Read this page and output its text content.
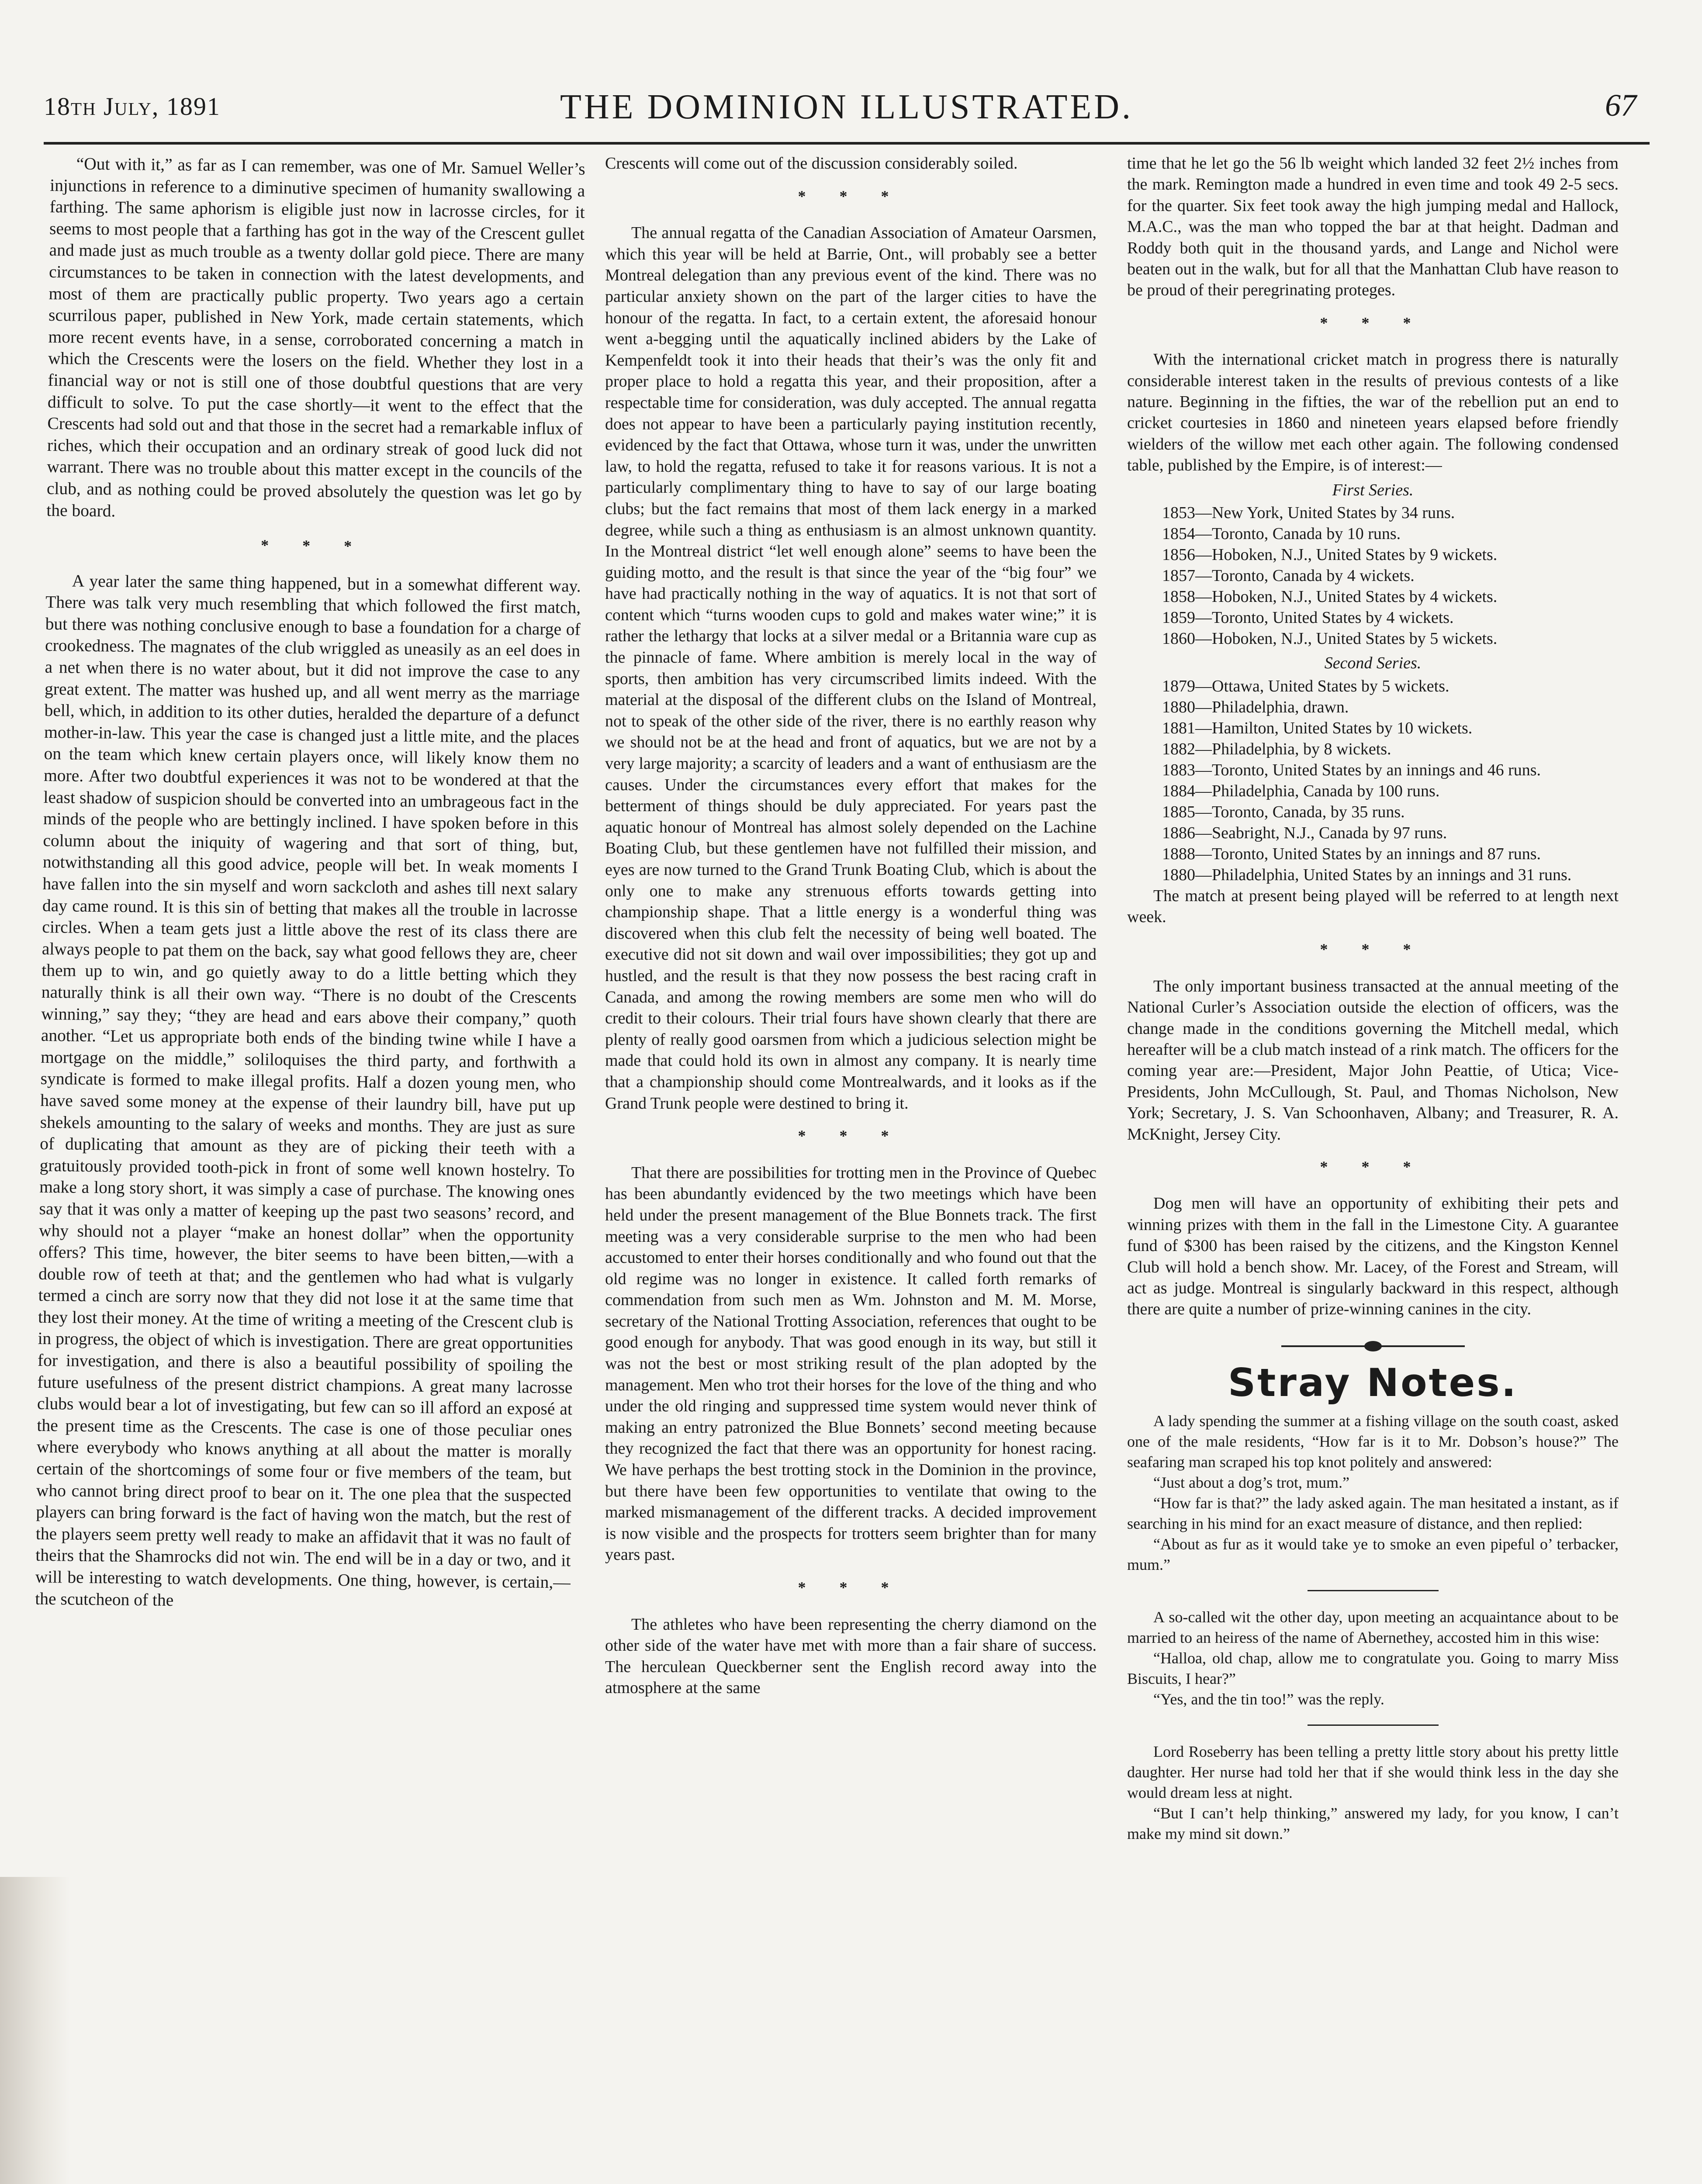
18th July, 1891	THE DOMINION ILLUSTRATED.	67

“Out with it,” as far as I can remember, was one of Mr. Samuel Weller’s injunctions in reference to a diminutive specimen of humanity swallowing a farthing. The same aphorism is eligible just now in lacrosse circles, for it seems to most people that a farthing has got in the way of the Crescent gullet and made just as much trouble as a twenty dollar gold piece. There are many circumstances to be taken in connection with the latest developments, and most of them are practically public property. Two years ago a certain scurrilous paper, published in New York, made certain statements, which more recent events have, in a sense, corroborated concerning a match in which the Crescents were the losers on the field. Whether they lost in a financial way or not is still one of those doubtful questions that are very difficult to solve. To put the case shortly—it went to the effect that the Crescents had sold out and that those in the secret had a remarkable influx of riches, which their occupation and an ordinary streak of good luck did not warrant. There was no trouble about this matter except in the councils of the club, and as nothing could be proved absolutely the question was let go by the board.

* * *

A year later the same thing happened, but in a somewhat different way. There was talk very much resembling that which followed the first match, but there was nothing conclusive enough to base a foundation for a charge of crookedness. The magnates of the club wriggled as uneasily as an eel does in a net when there is no water about, but it did not improve the case to any great extent. The matter was hushed up, and all went merry as the marriage bell, which, in addition to its other duties, heralded the departure of a defunct mother-in-law. This year the case is changed just a little mite, and the places on the team which knew certain players once, will likely know them no more. After two doubtful experiences it was not to be wondered at that the least shadow of suspicion should be converted into an umbrageous fact in the minds of the people who are bettingly inclined. I have spoken before in this column about the iniquity of wagering and that sort of thing, but, notwithstanding all this good advice, people will bet. In weak moments I have fallen into the sin myself and worn sackcloth and ashes till next salary day came round. It is this sin of betting that makes all the trouble in lacrosse circles. When a team gets just a little above the rest of its class there are always people to pat them on the back, say what good fellows they are, cheer them up to win, and go quietly away to do a little betting which they naturally think is all their own way. “There is no doubt of the Crescents winning,” say they; “they are head and ears above their company,” quoth another. “Let us appropriate both ends of the binding twine while I have a mortgage on the middle,” soliloquises the third party, and forthwith a syndicate is formed to make illegal profits. Half a dozen young men, who have saved some money at the expense of their laundry bill, have put up shekels amounting to the salary of weeks and months. They are just as sure of duplicating that amount as they are of picking their teeth with a gratuitously provided tooth-pick in front of some well known hostelry. To make a long story short, it was simply a case of purchase. The knowing ones say that it was only a matter of keeping up the past two seasons’ record, and why should not a player “make an honest dollar” when the opportunity offers? This time, however, the biter seems to have been bitten,—with a double row of teeth at that; and the gentlemen who had what is vulgarly termed a cinch are sorry now that they did not lose it at the same time that they lost their money. At the time of writing a meeting of the Crescent club is in progress, the object of which is investigation. There are great opportunities for investigation, and there is also a beautiful possibility of spoiling the future usefulness of the present district champions. A great many lacrosse clubs would bear a lot of investigating, but few can so ill afford an exposé at the present time as the Crescents. The case is one of those peculiar ones where everybody who knows anything at all about the matter is morally certain of the shortcomings of some four or five members of the team, but who cannot bring direct proof to bear on it. The one plea that the suspected players can bring forward is the fact of having won the match, but the rest of the players seem pretty well ready to make an affidavit that it was no fault of theirs that the Shamrocks did not win. The end will be in a day or two, and it will be interesting to watch developments. One thing, however, is certain,—the scutcheon of the

Crescents will come out of the discussion considerably soiled.

* * *

The annual regatta of the Canadian Association of Amateur Oarsmen, which this year will be held at Barrie, Ont., will probably see a better Montreal delegation than any previous event of the kind. There was no particular anxiety shown on the part of the larger cities to have the honour of the regatta. In fact, to a certain extent, the aforesaid honour went a-begging until the aquatically inclined abiders by the Lake of Kempenfeldt took it into their heads that their’s was the only fit and proper place to hold a regatta this year, and their proposition, after a respectable time for consideration, was duly accepted. The annual regatta does not appear to have been a particularly paying institution recently, evidenced by the fact that Ottawa, whose turn it was, under the unwritten law, to hold the regatta, refused to take it for reasons various. It is not a particularly complimentary thing to have to say of our large boating clubs; but the fact remains that most of them lack energy in a marked degree, while such a thing as enthusiasm is an almost unknown quantity. In the Montreal district “let well enough alone” seems to have been the guiding motto, and the result is that since the year of the “big four” we have had practically nothing in the way of aquatics. It is not that sort of content which “turns wooden cups to gold and makes water wine;” it is rather the lethargy that locks at a silver medal or a Britannia ware cup as the pinnacle of fame. Where ambition is merely local in the way of sports, then ambition has very circumscribed limits indeed. With the material at the disposal of the different clubs on the Island of Montreal, not to speak of the other side of the river, there is no earthly reason why we should not be at the head and front of aquatics, but we are not by a very large majority; a scarcity of leaders and a want of enthusiasm are the causes. Under the circumstances every effort that makes for the betterment of things should be duly appreciated. For years past the aquatic honour of Montreal has almost solely depended on the Lachine Boating Club, but these gentlemen have not fulfilled their mission, and eyes are now turned to the Grand Trunk Boating Club, which is about the only one to make any strenuous efforts towards getting into championship shape. That a little energy is a wonderful thing was discovered when this club felt the necessity of being well boated. The executive did not sit down and wail over impossibilities; they got up and hustled, and the result is that they now possess the best racing craft in Canada, and among the rowing members are some men who will do credit to their colours. Their trial fours have shown clearly that there are plenty of really good oarsmen from which a judicious selection might be made that could hold its own in almost any company. It is nearly time that a championship should come Montrealwards, and it looks as if the Grand Trunk people were destined to bring it.

* * *

That there are possibilities for trotting men in the Province of Quebec has been abundantly evidenced by the two meetings which have been held under the present management of the Blue Bonnets track. The first meeting was a very considerable surprise to the men who had been accustomed to enter their horses conditionally and who found out that the old regime was no longer in existence. It called forth remarks of commendation from such men as Wm. Johnston and M. M. Morse, secretary of the National Trotting Association, references that ought to be good enough for anybody. That was good enough in its way, but still it was not the best or most striking result of the plan adopted by the management. Men who trot their horses for the love of the thing and who under the old ringing and suppressed time system would never think of making an entry patronized the Blue Bonnets’ second meeting because they recognized the fact that there was an opportunity for honest racing. We have perhaps the best trotting stock in the Dominion in the province, but there have been few opportunities to ventilate that owing to the marked mismanagement of the different tracks. A decided improvement is now visible and the prospects for trotters seem brighter than for many years past.

* * *

The athletes who have been representing the cherry diamond on the other side of the water have met with more than a fair share of success. The herculean Queckberner sent the English record away into the atmosphere at the same

time that he let go the 56 lb weight which landed 32 feet 2½ inches from the mark. Remington made a hundred in even time and took 49 2-5 secs. for the quarter. Six feet took away the high jumping medal and Hallock, M.A.C., was the man who topped the bar at that height. Dadman and Roddy both quit in the thousand yards, and Lange and Nichol were beaten out in the walk, but for all that the Manhattan Club have reason to be proud of their peregrinating proteges.

* * *

With the international cricket match in progress there is naturally considerable interest taken in the results of previous contests of a like nature. Beginning in the fifties, the war of the rebellion put an end to cricket courtesies in 1860 and nineteen years elapsed before friendly wielders of the willow met each other again. The following condensed table, published by the Empire, is of interest:—

First Series.
1853—New York, United States by 34 runs.
1854—Toronto, Canada by 10 runs.
1856—Hoboken, N.J., United States by 9 wickets.
1857—Toronto, Canada by 4 wickets.
1858—Hoboken, N.J., United States by 4 wickets.
1859—Toronto, United States by 4 wickets.
1860—Hoboken, N.J., United States by 5 wickets.
Second Series.
1879—Ottawa, United States by 5 wickets.
1880—Philadelphia, drawn.
1881—Hamilton, United States by 10 wickets.
1882—Philadelphia, by 8 wickets.
1883—Toronto, United States by an innings and 46 runs.
1884—Philadelphia, Canada by 100 runs.
1885—Toronto, Canada, by 35 runs.
1886—Seabright, N.J., Canada by 97 runs.
1888—Toronto, United States by an innings and 87 runs.
1880—Philadelphia, United States by an innings and 31 runs.

The match at present being played will be referred to at length next week.

* * *

The only important business transacted at the annual meeting of the National Curler’s Association outside the election of officers, was the change made in the conditions governing the Mitchell medal, which hereafter will be a club match instead of a rink match. The officers for the coming year are:—President, Major John Peattie, of Utica; Vice-Presidents, John McCullough, St. Paul, and Thomas Nicholson, New York; Secretary, J. S. Van Schoonhaven, Albany; and Treasurer, R. A. McKnight, Jersey City.

* * *

Dog men will have an opportunity of exhibiting their pets and winning prizes with them in the fall in the Limestone City. A guarantee fund of $300 has been raised by the citizens, and the Kingston Kennel Club will hold a bench show. Mr. Lacey, of the Forest and Stream, will act as judge. Montreal is singularly backward in this respect, although there are quite a number of prize-winning canines in the city.

Stray Notes.

A lady spending the summer at a fishing village on the south coast, asked one of the male residents, “How far is it to Mr. Dobson’s house?” The seafaring man scraped his top knot politely and answered:

“Just about a dog’s trot, mum.”

“How far is that?” the lady asked again. The man hesitated a instant, as if searching in his mind for an exact measure of distance, and then replied:

“About as fur as it would take ye to smoke an even pipeful o’ terbacker, mum.”

A so-called wit the other day, upon meeting an acquaintance about to be married to an heiress of the name of Abernethey, accosted him in this wise:

“Halloa, old chap, allow me to congratulate you. Going to marry Miss Biscuits, I hear?”

“Yes, and the tin too!” was the reply.

Lord Roseberry has been telling a pretty little story about his pretty little daughter. Her nurse had told her that if she would think less in the day she would dream less at night.

“But I can’t help thinking,” answered my lady, for you know, I can’t make my mind sit down.”
